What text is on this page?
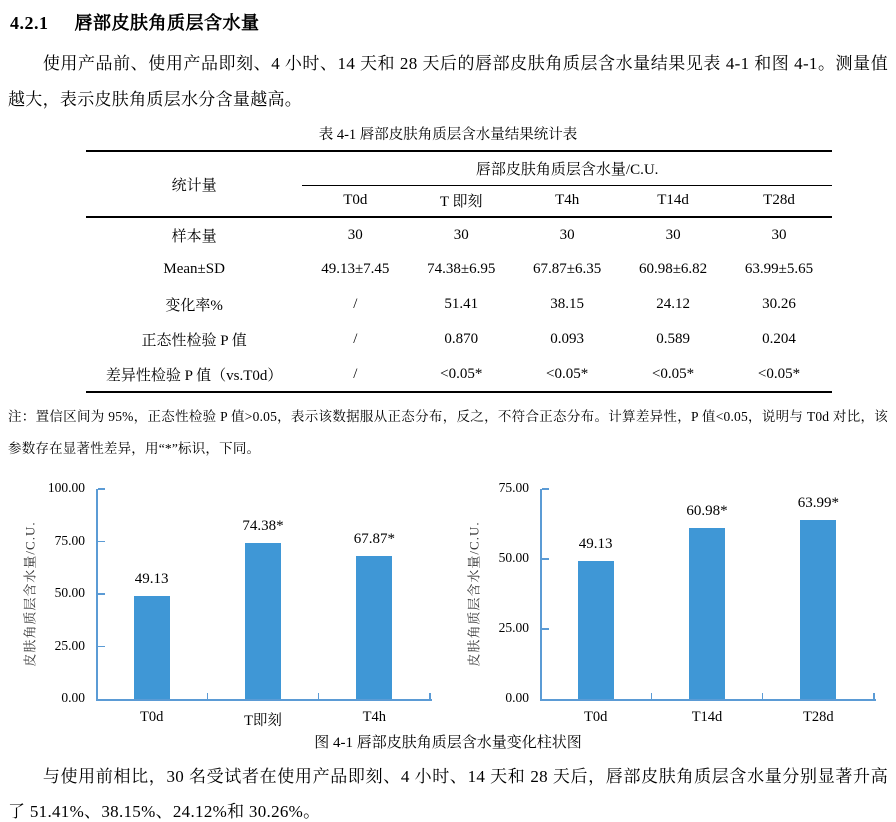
4.2.1 唇部皮肤角质层含水量

使用产品前、使用产品即刻、4 小时、14 天和 28 天后的唇部皮肤角质层含水量结果见表 4-1 和图 4-1。测量值越大，表示皮肤角质层水分含量越高。

表 4-1 唇部皮肤角质层含水量结果统计表
统计量	唇部皮肤角质层含水量/C.U.				
	T0d	T 即刻	T4h	T14d	T28d
样本量	30	30	30	30	30
Mean±SD	49.13±7.45	74.38±6.95	67.87±6.35	60.98±6.82	63.99±5.65
变化率%	/	51.41	38.15	24.12	30.26
正态性检验 P 值	/	0.870	0.093	0.589	0.204
差异性检验 P 值（vs.T0d）	/	<0.05*	<0.05*	<0.05*	<0.05*
注：置信区间为 95%，正态性检验 P 值>0.05，表示该数据服从正态分布，反之，不符合正态分布。计算差异性，P 值<0.05，说明与 T0d 对比，该参数存在显著性差异，用“*”标识，下同。
皮肤角质层含水量/C.U.
0.00
25.00
50.00
75.00
100.00
49.13
T0d
74.38*
T即刻
67.87*
T4h
皮肤角质层含水量/C.U.
0.00
25.00
50.00
75.00
49.13
T0d
60.98*
T14d
63.99*
T28d
图 4-1 唇部皮肤角质层含水量变化柱状图

与使用前相比，30 名受试者在使用产品即刻、4 小时、14 天和 28 天后，唇部皮肤角质层含水量分别显著升高了 51.41%、38.15%、24.12%和 30.26%。
